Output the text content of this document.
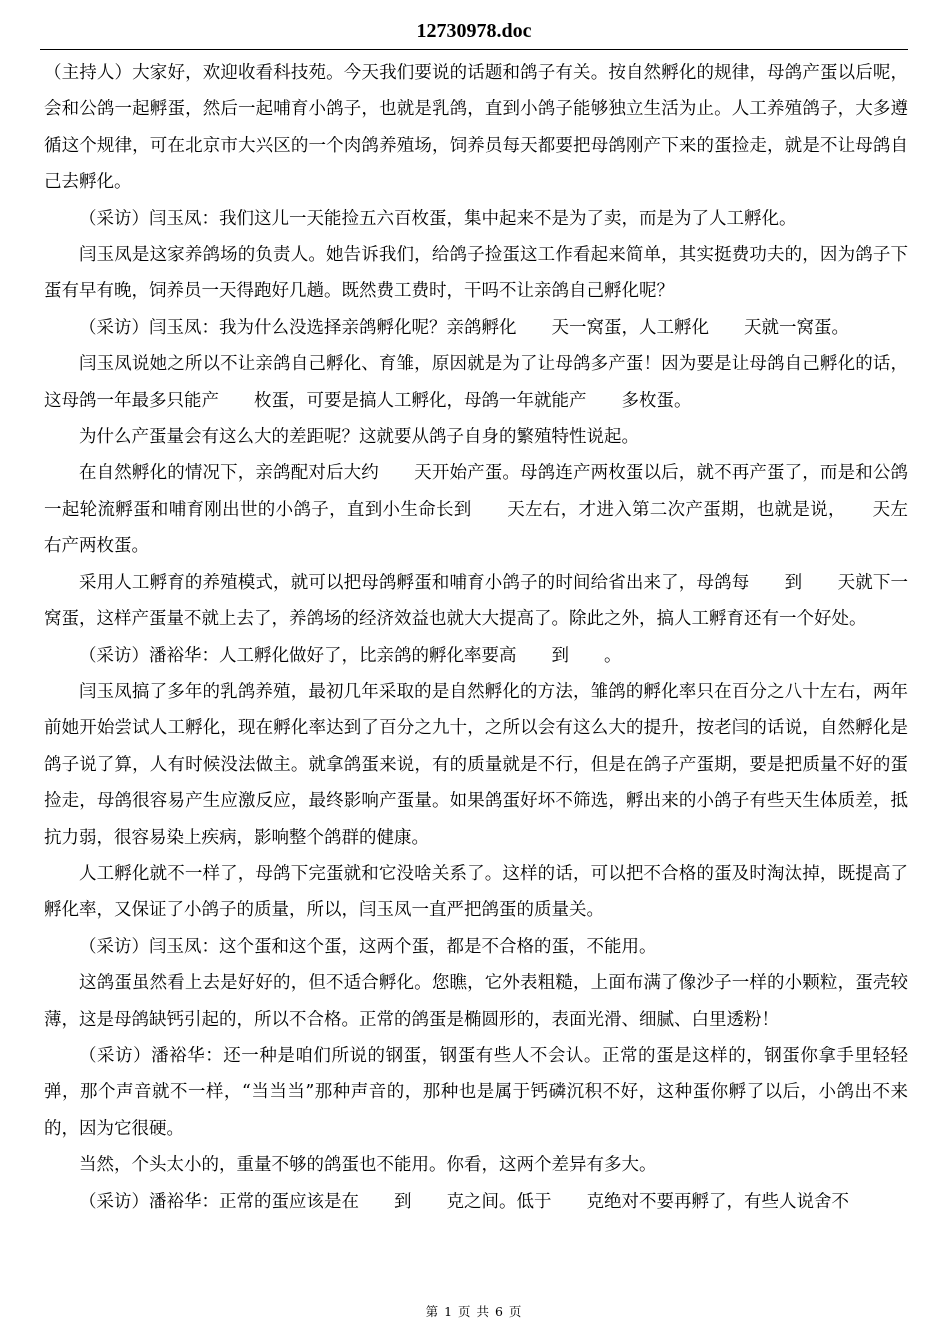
12730978.doc

（主持人）大家好，欢迎收看科技苑。今天我们要说的话题和鸽子有关。按自然孵化的规律，母鸽产蛋以后呢，会和公鸽一起孵蛋，然后一起哺育小鸽子，也就是乳鸽，直到小鸽子能够独立生活为止。人工养殖鸽子，大多遵循这个规律，可在北京市大兴区的一个肉鸽养殖场，饲养员每天都要把母鸽刚产下来的蛋捡走，就是不让母鸽自己去孵化。

（采访）闫玉凤：我们这儿一天能捡五六百枚蛋，集中起来不是为了卖，而是为了人工孵化。

闫玉凤是这家养鸽场的负责人。她告诉我们，给鸽子捡蛋这工作看起来简单，其实挺费功夫的，因为鸽子下蛋有早有晚，饲养员一天得跑好几趟。既然费工费时，干吗不让亲鸽自己孵化呢？

（采访）闫玉凤：我为什么没选择亲鸽孵化呢？亲鸽孵化　　天一窝蛋，人工孵化　　天就一窝蛋。

闫玉凤说她之所以不让亲鸽自己孵化、育雏，原因就是为了让母鸽多产蛋！因为要是让母鸽自己孵化的话，这母鸽一年最多只能产　　枚蛋，可要是搞人工孵化，母鸽一年就能产　　多枚蛋。

为什么产蛋量会有这么大的差距呢？这就要从鸽子自身的繁殖特性说起。

在自然孵化的情况下，亲鸽配对后大约　　天开始产蛋。母鸽连产两枚蛋以后，就不再产蛋了，而是和公鸽一起轮流孵蛋和哺育刚出世的小鸽子，直到小生命长到　　天左右，才进入第二次产蛋期，也就是说，　　天左右产两枚蛋。

采用人工孵育的养殖模式，就可以把母鸽孵蛋和哺育小鸽子的时间给省出来了，母鸽每　　到　　天就下一窝蛋，这样产蛋量不就上去了，养鸽场的经济效益也就大大提高了。除此之外，搞人工孵育还有一个好处。

（采访）潘裕华：人工孵化做好了，比亲鸽的孵化率要高　　到　　。

闫玉凤搞了多年的乳鸽养殖，最初几年采取的是自然孵化的方法，雏鸽的孵化率只在百分之八十左右，两年前她开始尝试人工孵化，现在孵化率达到了百分之九十，之所以会有这么大的提升，按老闫的话说，自然孵化是鸽子说了算，人有时候没法做主。就拿鸽蛋来说，有的质量就是不行，但是在鸽子产蛋期，要是把质量不好的蛋捡走，母鸽很容易产生应激反应，最终影响产蛋量。如果鸽蛋好坏不筛选，孵出来的小鸽子有些天生体质差，抵抗力弱，很容易染上疾病，影响整个鸽群的健康。

人工孵化就不一样了，母鸽下完蛋就和它没啥关系了。这样的话，可以把不合格的蛋及时淘汰掉，既提高了孵化率，又保证了小鸽子的质量，所以，闫玉凤一直严把鸽蛋的质量关。

（采访）闫玉凤：这个蛋和这个蛋，这两个蛋，都是不合格的蛋，不能用。

这鸽蛋虽然看上去是好好的，但不适合孵化。您瞧，它外表粗糙，上面布满了像沙子一样的小颗粒，蛋壳较薄，这是母鸽缺钙引起的，所以不合格。正常的鸽蛋是椭圆形的，表面光滑、细腻、白里透粉！

（采访）潘裕华：还一种是咱们所说的钢蛋，钢蛋有些人不会认。正常的蛋是这样的，钢蛋你拿手里轻轻弹，那个声音就不一样，“当当当”那种声音的，那种也是属于钙磷沉积不好，这种蛋你孵了以后，小鸽出不来的，因为它很硬。

当然，个头太小的，重量不够的鸽蛋也不能用。你看，这两个差异有多大。

（采访）潘裕华：正常的蛋应该是在　　到　　克之间。低于　　克绝对不要再孵了，有些人说舍不

第 1 页 共 6 页
